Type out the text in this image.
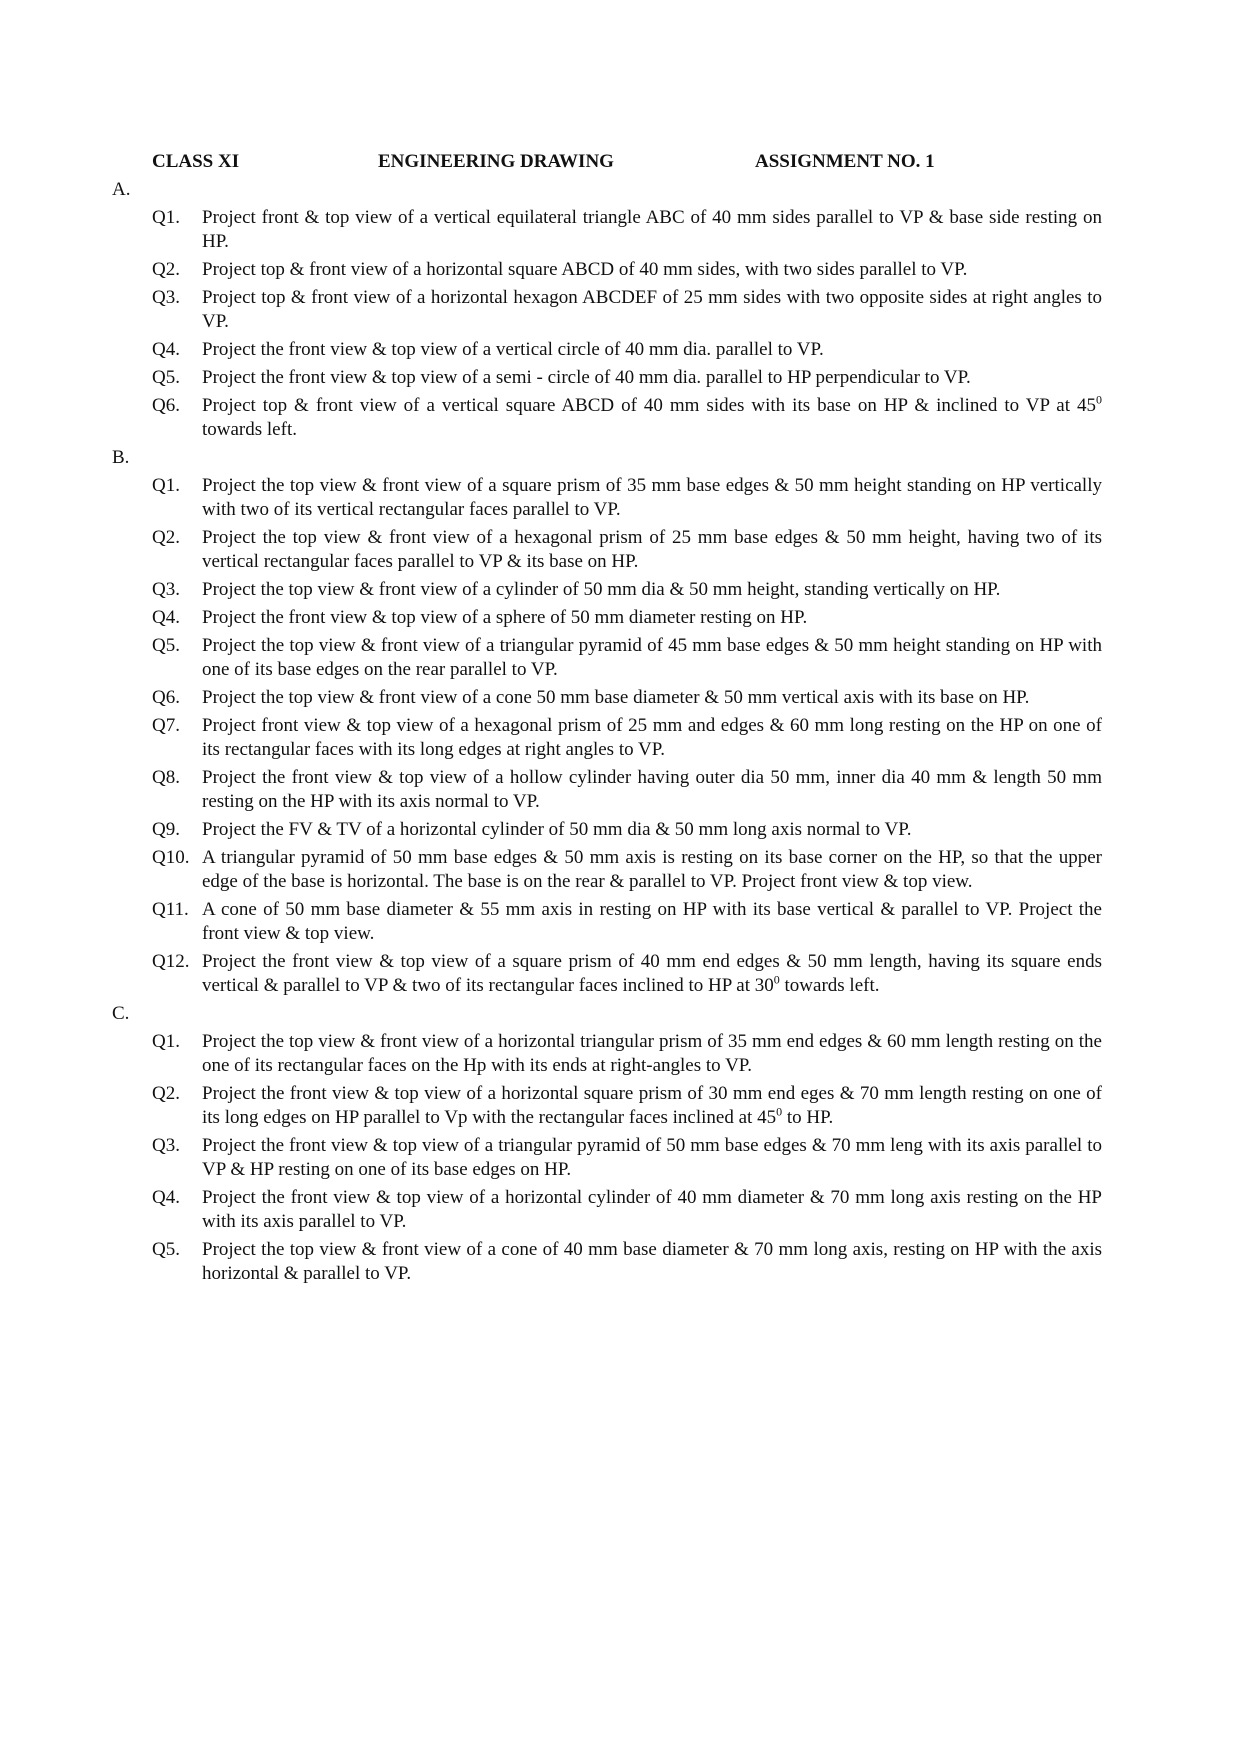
CLASS XI	ENGINEERING DRAWING	ASSIGNMENT NO. 1
A.
Q1.	Project front & top view of a vertical equilateral triangle ABC of 40 mm sides parallel to VP & base side resting on HP.
Q2.	Project top & front view of a horizontal square ABCD of 40 mm sides, with two sides parallel to VP.
Q3.	Project top & front view of a horizontal hexagon ABCDEF of 25 mm sides with two opposite sides at right angles to VP.
Q4.	Project the front view & top view of a vertical circle of 40 mm dia. parallel to VP.
Q5.	Project the front view & top view of a semi - circle of 40 mm dia. parallel to HP perpendicular to VP.
Q6.	Project top & front view of a vertical square ABCD of 40 mm sides with its base on HP & inclined to VP at $45^0$ towards left.
B.
Q1.	Project the top view & front view of a square prism of 35 mm base edges & 50 mm height standing on HP vertically with two of its vertical rectangular faces parallel to VP.
Q2.	Project the top view & front view of a hexagonal prism of 25 mm base edges & 50 mm height, having two of its vertical rectangular faces parallel to VP & its base on HP.
Q3.	Project the top view & front view of a cylinder of 50 mm dia & 50 mm height, standing vertically on HP.
Q4.	Project the front view & top view of a sphere of 50 mm diameter resting on HP.
Q5.	Project the top view & front view of a triangular pyramid of 45 mm base edges & 50 mm height standing on HP with one of its base edges on the rear parallel to VP.
Q6.	Project the top view & front view of a cone 50 mm base diameter & 50 mm vertical axis with its base on HP.
Q7.	Project front view & top view of a hexagonal prism of 25 mm and edges & 60 mm long resting on the HP on one of its rectangular faces with its long edges at right angles to VP.
Q8.	Project the front view & top view of a hollow cylinder having outer dia 50 mm, inner dia 40 mm & length 50 mm resting on the HP with its axis normal to VP.
Q9.	Project the FV & TV of a horizontal cylinder of 50 mm dia & 50 mm long axis normal to VP.
Q10. A triangular pyramid of 50 mm base edges & 50 mm axis is resting on its base corner on the HP, so that the upper edge of the base is horizontal. The base is on the rear & parallel to VP. Project front view & top view.
Q11. A cone of 50 mm base diameter & 55 mm axis in resting on HP with its base vertical & parallel to VP. Project the front view & top view.
Q12. Project the front view & top view of a square prism of 40 mm end edges & 50 mm length, having its square ends vertical & parallel to VP & two of its rectangular faces inclined to HP at $30^0$ towards left.
C.
Q1.	Project the top view & front view of a horizontal triangular prism of 35 mm end edges & 60 mm length resting on the one of its rectangular faces on the Hp with its ends at right-angles to VP.
Q2.	Project the front view & top view of a horizontal square prism of 30 mm end eges & 70 mm length resting on one of its long edges on HP parallel to Vp with the rectangular faces inclined at $45^0$ to HP.
Q3.	Project the front view & top view of a triangular pyramid of 50 mm base edges & 70 mm leng with its axis parallel to VP & HP resting on one of its base edges on HP.
Q4.	Project the front view & top view of a horizontal cylinder of 40 mm diameter & 70 mm long axis resting on the HP with its axis parallel to VP.
Q5.	Project the top view & front view of a cone of 40 mm base diameter & 70 mm long axis, resting on HP with the axis horizontal & parallel to VP.
